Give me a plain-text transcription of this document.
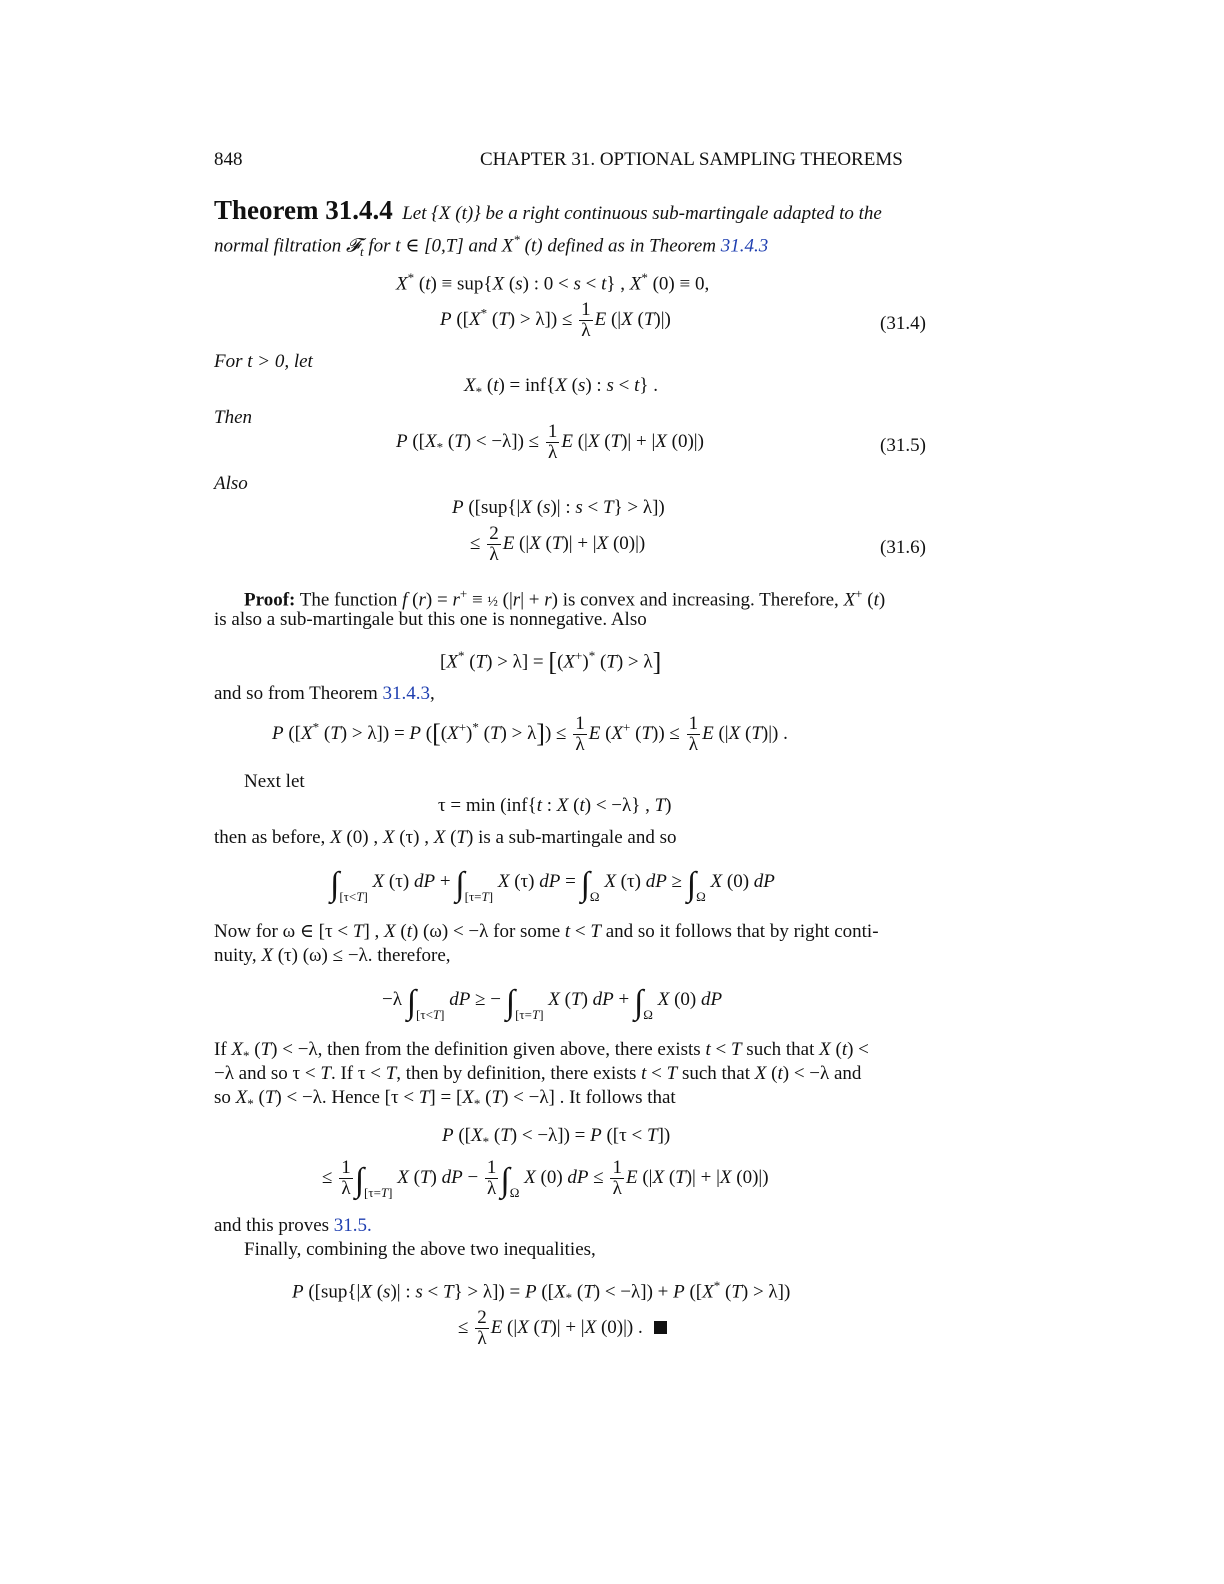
848	CHAPTER 31. OPTIONAL SAMPLING THEOREMS
Theorem 31.4.4  Let {X (t)} be a right continuous sub-martingale adapted to the
normal filtration 𝓕$_t$ for t ∈ [0,T] and X* (t) defined as in Theorem 31.4.3
X* (t) ≡ sup{X (s) : 0 < s < t} , X* (0) ≡ 0,
P ([X* $(T) > \lambda]) \le \frac{1}{\lambda}$ E (|X (T)|)	(31.4)
For t > 0, let
$X_*$ (t) = inf{X (s) : s < t} .
Then
P ([$X_*$ $(T) < -\lambda]) \le \frac{1}{\lambda}$ E (|X (T)| + |X (0)|)	(31.5)
Also
P ([sup{|X (s)| : s < T} > λ])
≤ $\frac{2}{\lambda}$ E (|X (T)| + |X (0)|)	(31.6)
Proof: The function f (r) = r+ ≡ ½ (|r| + r) is convex and increasing. Therefore, X+ (t)
is also a sub-martingale but this one is nonnegative. Also
[X* (T) > λ] = [(X+)* (T) > λ]
and so from Theorem 31.4.3,
P ([X* (T) > λ]) = P ([(X+)* $(T) > \lambda]) \le \frac{1}{\lambda}$ E (X+ $(T)) \le \frac{1}{\lambda}$ E (|X (T)|) .
Next let
τ = min (inf{t : X (t) < −λ} , T)
then as before, X (0) , X (τ) , X (T) is a sub-martingale and so
$\int_{[\tau<T]}$ X (τ) dP + $\int_{[\tau=T]}$ X (τ) dP = $\int_\Omega$ X (τ) dP ≥ $\int_\Omega$ X (0) dP
Now for ω ∈ [τ < T] , X (t) (ω) < −λ for some t < T and so it follows that by right conti-
nuity, X (τ) (ω) ≤ −λ. therefore,
−λ $\int_{[\tau<T]}$ dP ≥ − $\int_{[\tau=T]}$ X (T) dP + $\int_\Omega$ X (0) dP
If $X_*$ (T) < −λ, then from the definition given above, there exists t < T such that X (t) <
−λ and so τ < T. If τ < T, then by definition, there exists t < T such that X (t) < −λ and
so $X_*$ (T) < −λ. Hence $[\tau < T] = [X_*$ (T) < −λ] . It follows that
P ([$X_*$ (T) < −λ]) = P ([τ < T])
≤ $\frac{1}{\lambda} \int_{[\tau=T]}$ X (T) dP − $\frac{1}{\lambda} \int_\Omega$ X (0) dP ≤ $\frac{1}{\lambda}$ E (|X (T)| + |X (0)|)
and this proves 31.5.
Finally, combining the above two inequalities,
P ([sup{|X (s)| : s < T} > λ]) = P ([$X_*$ (T) < −λ]) + P ([X* (T) > λ])
≤ $\frac{2}{\lambda}$ E (|X (T)| + |X (0)|) .
